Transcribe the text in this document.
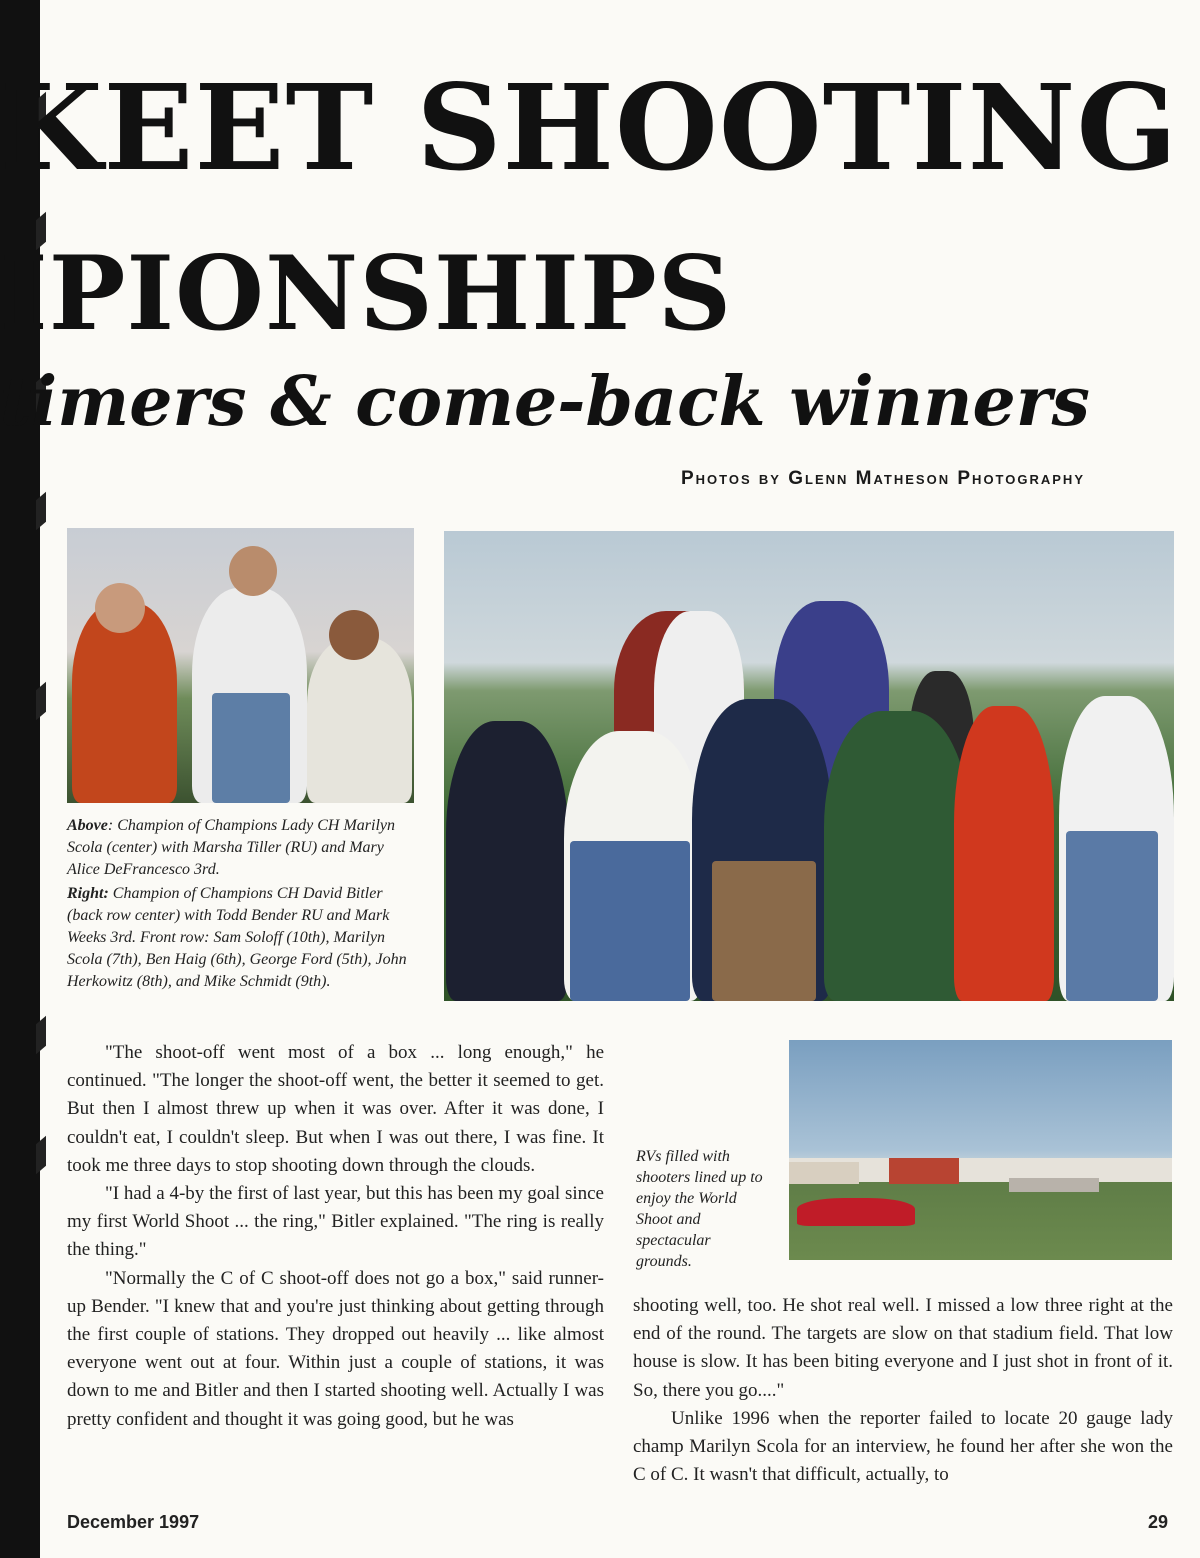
KEET SHOOTING
IPIONSHIPS
timers & come-back winners
Photos by Glenn Matheson Photography

Above: Champion of Champions Lady CH Marilyn Scola (center) with Marsha Tiller (RU) and Mary Alice DeFrancesco 3rd.

Right: Champion of Champions CH David Bitler (back row center) with Todd Bender RU and Mark Weeks 3rd. Front row: Sam Soloff (10th), Marilyn Scola (7th), Ben Haig (6th), George Ford (5th), John Herkowitz (8th), and Mike Schmidt (9th).

RVs filled with shooters lined up to enjoy the World Shoot and spectacular grounds.

"The shoot-off went most of a box ... long enough," he continued. "The longer the shoot-off went, the better it seemed to get. But then I almost threw up when it was over. After it was done, I couldn't eat, I couldn't sleep. But when I was out there, I was fine. It took me three days to stop shooting down through the clouds.

"I had a 4-by the first of last year, but this has been my goal since my first World Shoot ... the ring," Bitler explained. "The ring is really the thing."

"Normally the C of C shoot-off does not go a box," said runner-up Bender. "I knew that and you're just thinking about getting through the first couple of stations. They dropped out heavily ... like almost everyone went out at four. Within just a couple of stations, it was down to me and Bitler and then I started shooting well. Actually I was pretty confident and thought it was going good, but he was

shooting well, too. He shot real well. I missed a low three right at the end of the round. The targets are slow on that stadium field. That low house is slow. It has been biting everyone and I just shot in front of it. So, there you go...."

Unlike 1996 when the reporter failed to locate 20 gauge lady champ Marilyn Scola for an interview, he found her after she won the C of C. It wasn't that difficult, actually, to

December 1997	29
